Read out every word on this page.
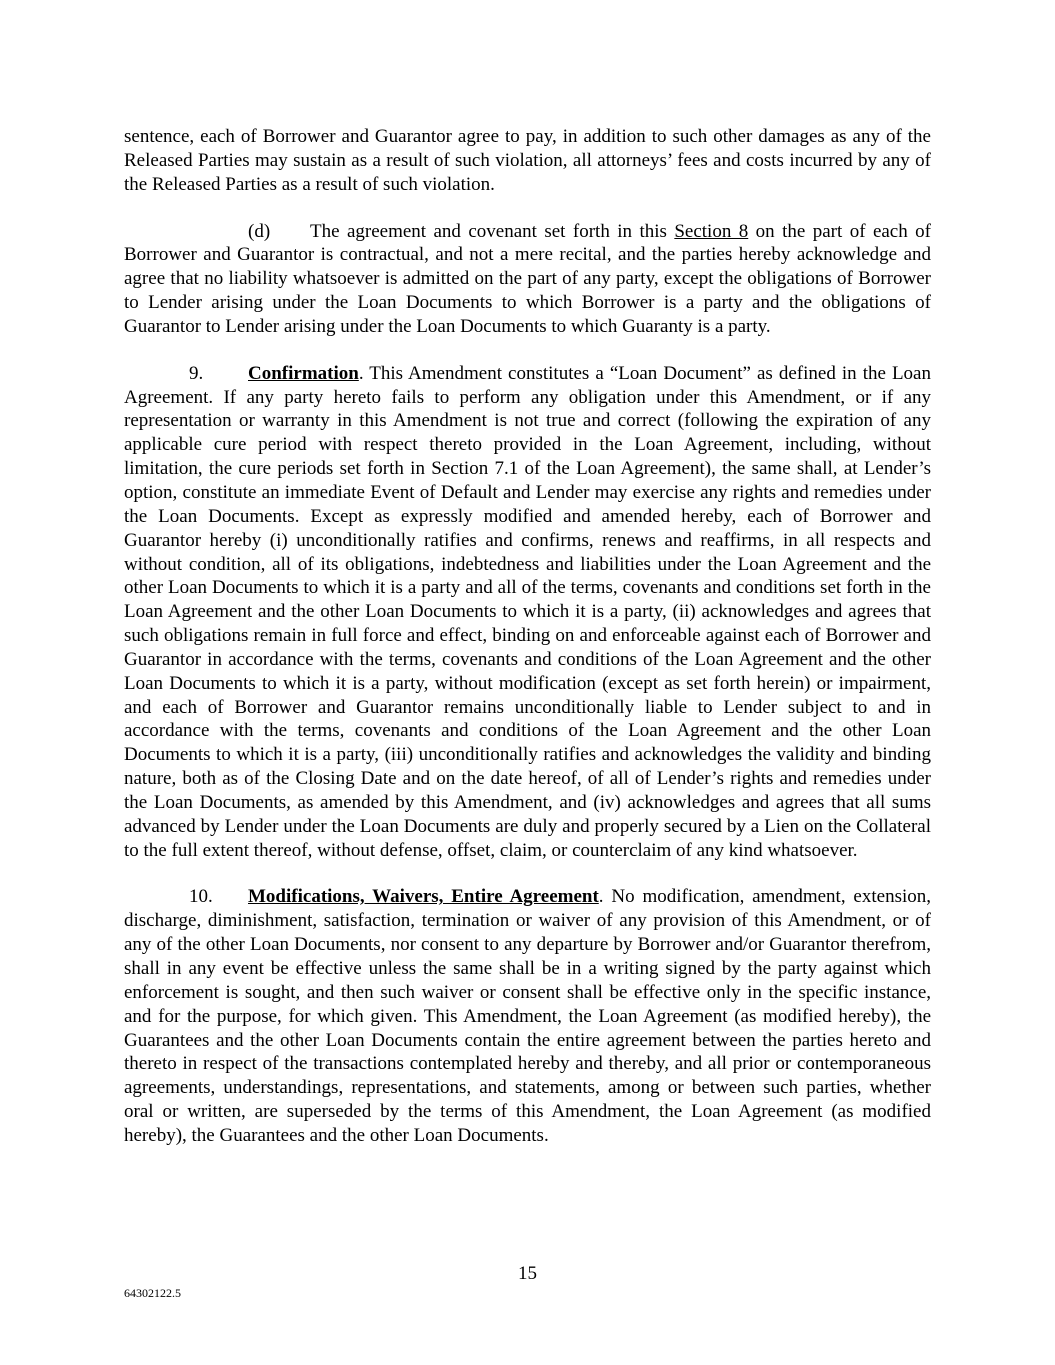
sentence, each of Borrower and Guarantor agree to pay, in addition to such other damages as any of the Released Parties may sustain as a result of such violation, all attorneys’ fees and costs incurred by any of the Released Parties as a result of such violation.

(d) The agreement and covenant set forth in this Section 8 on the part of each of Borrower and Guarantor is contractual, and not a mere recital, and the parties hereby acknowledge and agree that no liability whatsoever is admitted on the part of any party, except the obligations of Borrower to Lender arising under the Loan Documents to which Borrower is a party and the obligations of Guarantor to Lender arising under the Loan Documents to which Guaranty is a party.

9. Confirmation. This Amendment constitutes a “Loan Document” as defined in the Loan Agreement. If any party hereto fails to perform any obligation under this Amendment, or if any representation or warranty in this Amendment is not true and correct (following the expiration of any applicable cure period with respect thereto provided in the Loan Agreement, including, without limitation, the cure periods set forth in Section 7.1 of the Loan Agreement), the same shall, at Lender’s option, constitute an immediate Event of Default and Lender may exercise any rights and remedies under the Loan Documents. Except as expressly modified and amended hereby, each of Borrower and Guarantor hereby (i) unconditionally ratifies and confirms, renews and reaffirms, in all respects and without condition, all of its obligations, indebtedness and liabilities under the Loan Agreement and the other Loan Documents to which it is a party and all of the terms, covenants and conditions set forth in the Loan Agreement and the other Loan Documents to which it is a party, (ii) acknowledges and agrees that such obligations remain in full force and effect, binding on and enforceable against each of Borrower and Guarantor in accordance with the terms, covenants and conditions of the Loan Agreement and the other Loan Documents to which it is a party, without modification (except as set forth herein) or impairment, and each of Borrower and Guarantor remains unconditionally liable to Lender subject to and in accordance with the terms, covenants and conditions of the Loan Agreement and the other Loan Documents to which it is a party, (iii) unconditionally ratifies and acknowledges the validity and binding nature, both as of the Closing Date and on the date hereof, of all of Lender’s rights and remedies under the Loan Documents, as amended by this Amendment, and (iv) acknowledges and agrees that all sums advanced by Lender under the Loan Documents are duly and properly secured by a Lien on the Collateral to the full extent thereof, without defense, offset, claim, or counterclaim of any kind whatsoever.

10. Modifications, Waivers, Entire Agreement. No modification, amendment, extension, discharge, diminishment, satisfaction, termination or waiver of any provision of this Amendment, or of any of the other Loan Documents, nor consent to any departure by Borrower and/or Guarantor therefrom, shall in any event be effective unless the same shall be in a writing signed by the party against which enforcement is sought, and then such waiver or consent shall be effective only in the specific instance, and for the purpose, for which given. This Amendment, the Loan Agreement (as modified hereby), the Guarantees and the other Loan Documents contain the entire agreement between the parties hereto and thereto in respect of the transactions contemplated hereby and thereby, and all prior or contemporaneous agreements, understandings, representations, and statements, among or between such parties, whether oral or written, are superseded by the terms of this Amendment, the Loan Agreement (as modified hereby), the Guarantees and the other Loan Documents.

15
64302122.5
